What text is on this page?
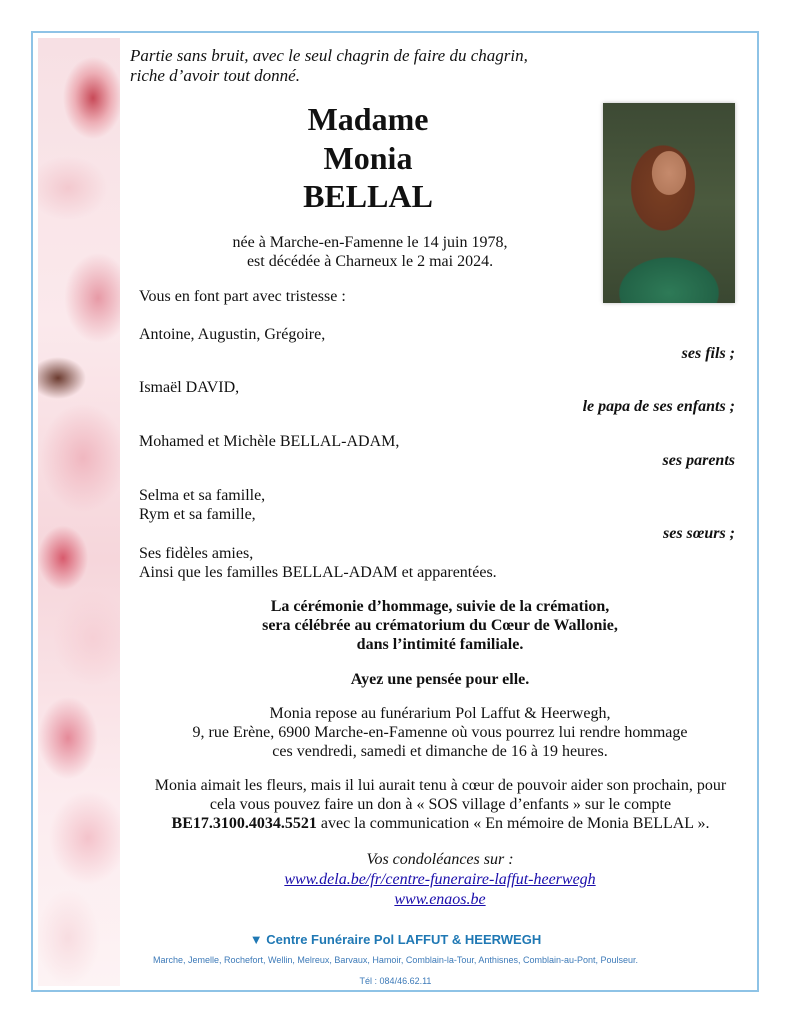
Partie sans bruit, avec le seul chagrin de faire du chagrin,
riche d’avoir tout donné.

Madame
Monia
BELLAL
née à Marche-en-Famenne le 14 juin 1978,
est décédée à Charneux le 2 mai 2024.
Vous en font part avec tristesse :
Antoine, Augustin, Grégoire,
ses fils ;
Ismaël DAVID,
le papa de ses enfants ;
Mohamed et Michèle BELLAL-ADAM,
ses parents
Selma et sa famille,
Rym et sa famille,
ses sœurs ;
Ses fidèles amies,
Ainsi que les familles BELLAL-ADAM et apparentées.
La cérémonie d’hommage, suivie de la crémation,
sera célébrée au crématorium du Cœur de Wallonie,
dans l’intimité familiale.
Ayez une pensée pour elle.
Monia repose au funérarium Pol Laffut & Heerwegh,
9, rue Erène, 6900 Marche-en-Famenne où vous pourrez lui rendre hommage
ces vendredi, samedi et dimanche de 16 à 19 heures.
Monia aimait les fleurs, mais il lui aurait tenu à cœur de pouvoir aider son prochain, pour
cela vous pouvez faire un don à « SOS village d’enfants » sur le compte
BE17.3100.4034.5521 avec la communication « En mémoire de Monia BELLAL ».
Vos condoléances sur :
www.dela.be/fr/centre-funeraire-laffut-heerwegh
www.enaos.be
▼ Centre Funéraire Pol LAFFUT & HEERWEGH
Marche, Jemelle, Rochefort, Wellin, Melreux, Barvaux, Hamoir, Comblain-la-Tour, Anthisnes, Comblain-au-Pont, Poulseur.
Tél : 084/46.62.11
